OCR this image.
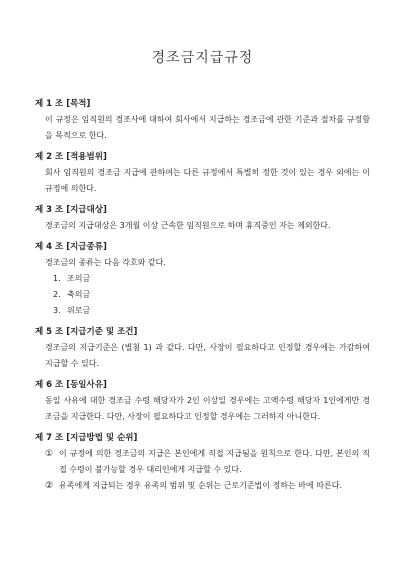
경조금지급규정
제 1 조 [목적]

이 규정은 임직원의 경조사에 대하여 회사에서 지급하는 경조금에 관한 기준과 절차를 규정함을 목적으로 한다.

제 2 조 [적용범위]

회사 임직원의 경조금 지급에 관하여는 다른 규정에서 특별히 정한 것이 있는 경우 외에는 이 규정에 의한다.

제 3 조 [지급대상]

경조금의 지급대상은 3개월 이상 근속한 임직원으로 하며 휴직중인 자는 제외한다.

제 4 조 [지급종류]

경조금의 종류는 다음 각호와 같다.

1. 조의금
2. 축의금
3. 위로금
제 5 조 [지급기준 및 조건]

경조금의 지급기준은 (별첨 1) 과 같다. 다만, 사장이 필요하다고 인정할 경우에는 가감하여 지급할 수 있다.

제 6 조 [동일사유]

동일 사유에 대한 경조금 수령 해당자가 2인 이상일 경우에는 고액수령 해당자 1인에게만 경조금을 지급한다. 다만, 사장이 필요하다고 인정할 경우에는 그러하지 아니한다.

제 7 조 [지급방법 및 순위]
① 이 규정에 의한 경조금의 지급은 본인에게 직접 지급됨을 원칙으로 한다. 다만, 본인의 직접 수령이 불가능할 경우 대리인에게 지급할 수 있다.

② 유족에게 지급되는 경우 유족의 범위 및 순위는 근로기준법이 정하는 바에 따른다.
